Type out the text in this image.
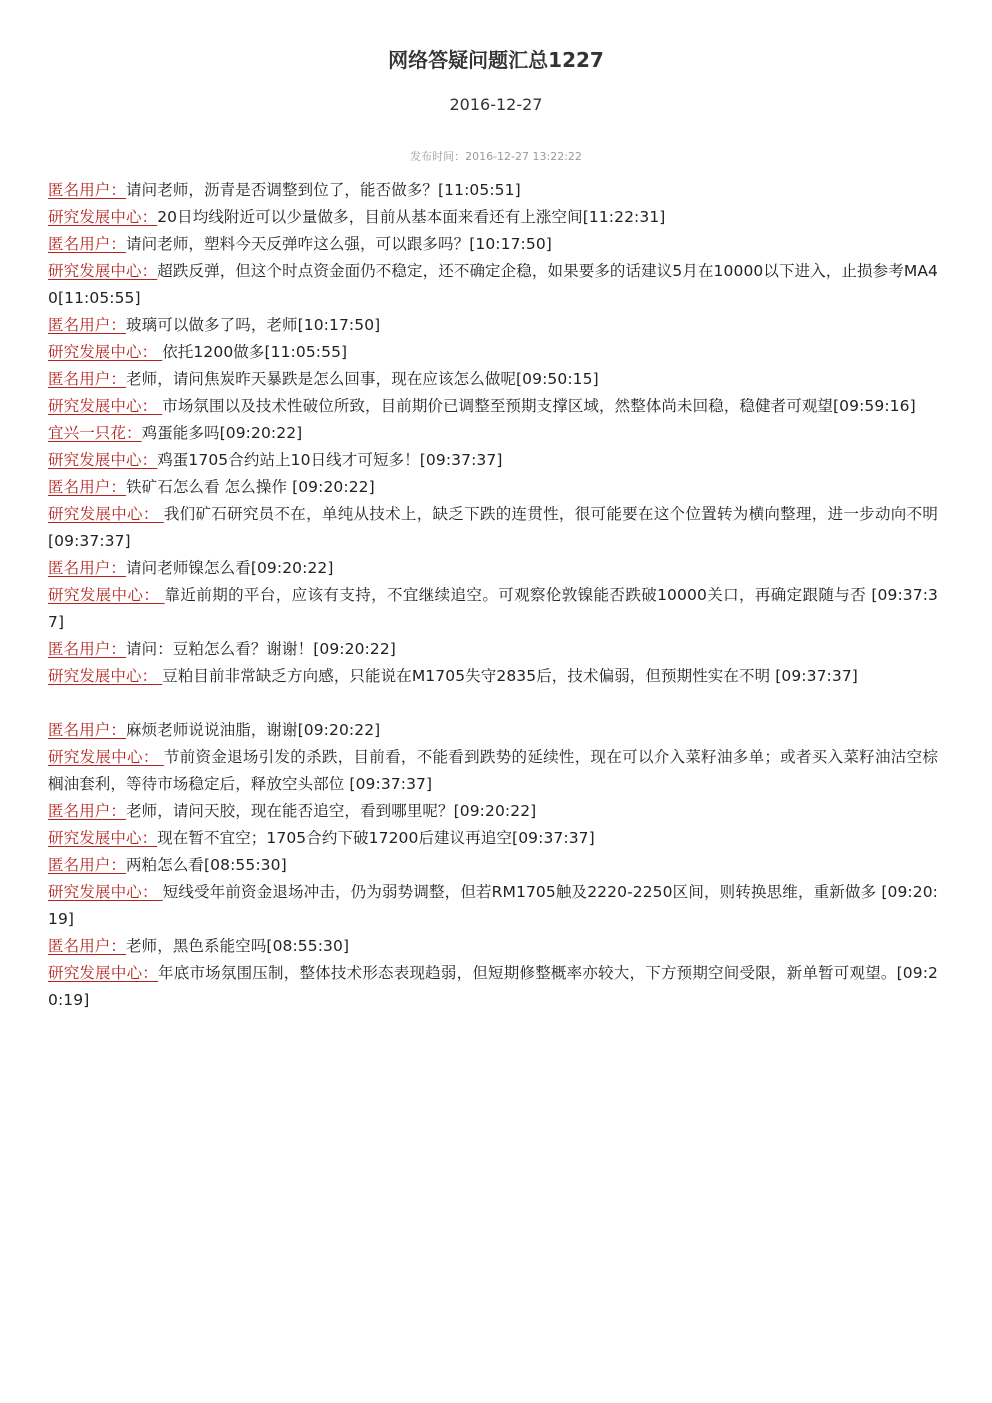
网络答疑问题汇总1227
2016-12-27
发布时间：2016-12-27 13:22:22

匿名用户：请问老师，沥青是否调整到位了，能否做多？[11:05:51]

研究发展中心：20日均线附近可以少量做多，目前从基本面来看还有上涨空间[11:22:31]

匿名用户：请问老师，塑料今天反弹咋这么强，可以跟多吗？[10:17:50]

研究发展中心：超跌反弹，但这个时点资金面仍不稳定，还不确定企稳，如果要多的话建议5月在10000以下进入，止损参考MA40[11:05:55]

匿名用户：玻璃可以做多了吗，老师[10:17:50]

研究发展中心： 依托1200做多[11:05:55]

匿名用户：老师，请问焦炭昨天暴跌是怎么回事，现在应该怎么做呢[09:50:15]

研究发展中心： 市场氛围以及技术性破位所致，目前期价已调整至预期支撑区域，然整体尚未回稳，稳健者可观望[09:59:16]

宜兴一只花：鸡蛋能多吗[09:20:22]

研究发展中心：鸡蛋1705合约站上10日线才可短多！[09:37:37]

匿名用户：铁矿石怎么看 怎么操作 [09:20:22]

研究发展中心： 我们矿石研究员不在，单纯从技术上，缺乏下跌的连贯性，很可能要在这个位置转为横向整理，进一步动向不明 [09:37:37]

匿名用户：请问老师镍怎么看[09:20:22]

研究发展中心： 靠近前期的平台，应该有支持，不宜继续追空。可观察伦敦镍能否跌破10000关口，再确定跟随与否 [09:37:37]

匿名用户：请问：豆粕怎么看？谢谢！[09:20:22]

研究发展中心： 豆粕目前非常缺乏方向感，只能说在M1705失守2835后，技术偏弱，但预期性实在不明 [09:37:37]

匿名用户：麻烦老师说说油脂，谢谢[09:20:22]

研究发展中心： 节前资金退场引发的杀跌，目前看，不能看到跌势的延续性，现在可以介入菜籽油多单；或者买入菜籽油沽空棕榈油套利，等待市场稳定后，释放空头部位 [09:37:37]

匿名用户：老师，请问天胶，现在能否追空，看到哪里呢？[09:20:22]

研究发展中心：现在暂不宜空；1705合约下破17200后建议再追空[09:37:37]

匿名用户：两粕怎么看[08:55:30]

研究发展中心： 短线受年前资金退场冲击，仍为弱势调整，但若RM1705触及2220-2250区间，则转换思维，重新做多 [09:20:19]

匿名用户：老师，黑色系能空吗[08:55:30]

研究发展中心：年底市场氛围压制，整体技术形态表现趋弱，但短期修整概率亦较大，下方预期空间受限，新单暂可观望。[09:20:19]
